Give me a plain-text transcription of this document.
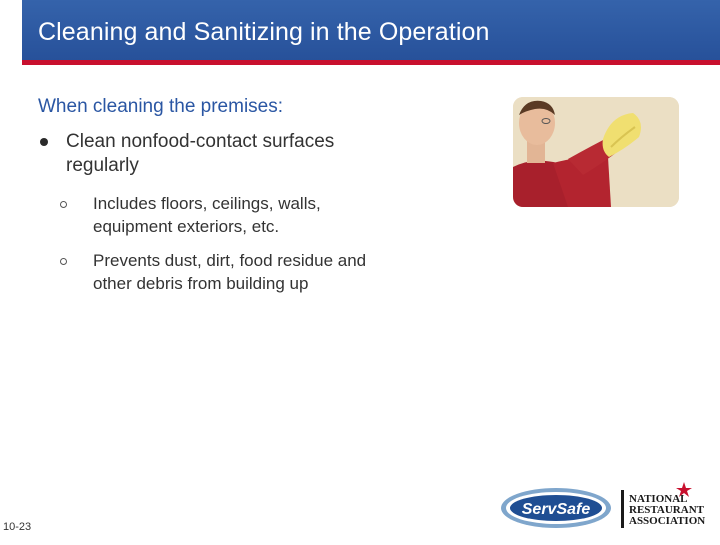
Cleaning and Sanitizing in the Operation
When cleaning the premises:
Clean nonfood-contact surfaces regularly
Includes floors, ceilings, walls, equipment exteriors, etc.
Prevents dust, dirt, food residue and other debris from building up
10-23
ServSafe
NATIONAL
RESTAURANT
ASSOCIATION
